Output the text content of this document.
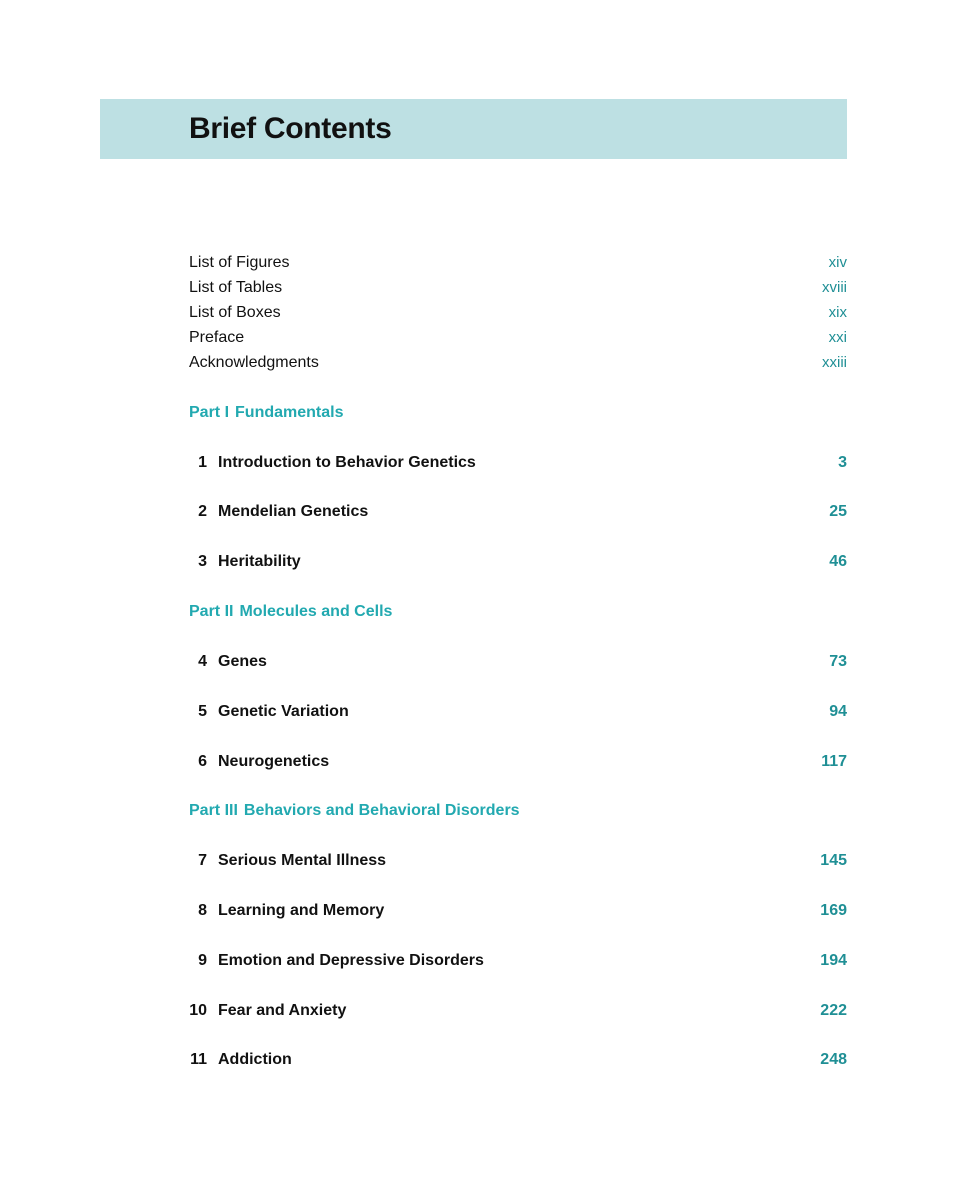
Brief Contents
List of Figures	xiv
List of Tables	xviii
List of Boxes	xix
Preface	xxi
Acknowledgments	xxiii
Part I Fundamentals
1 Introduction to Behavior Genetics	3
2 Mendelian Genetics	25
3 Heritability	46
Part II Molecules and Cells
4 Genes	73
5 Genetic Variation	94
6 Neurogenetics	117
Part III Behaviors and Behavioral Disorders
7 Serious Mental Illness	145
8 Learning and Memory	169
9 Emotion and Depressive Disorders	194
10 Fear and Anxiety	222
11 Addiction	248
